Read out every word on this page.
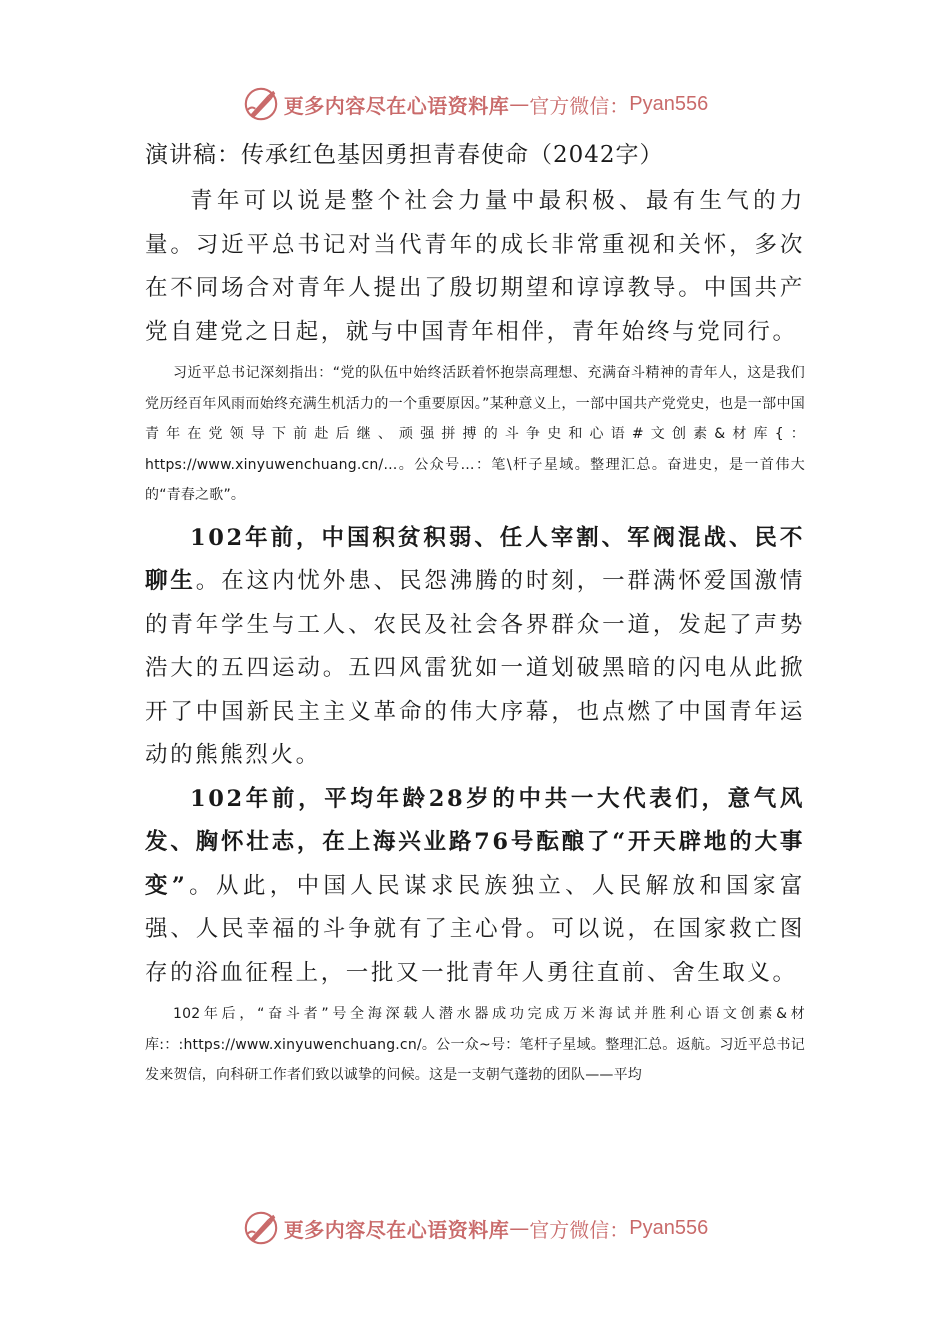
更多内容尽在心语资料库 — 官方微信： Pyan556
演讲稿：传承红色基因勇担青春使命（2042字）

青年可以说是整个社会力量中最积极、最有生气的力量。习近平总书记对当代青年的成长非常重视和关怀，多次在不同场合对青年人提出了殷切期望和谆谆教导。中国共产党自建党之日起，就与中国青年相伴，青年始终与党同行。

习近平总书记深刻指出：“党的队伍中始终活跃着怀抱崇高理想、充满奋斗精神的青年人，这是我们党历经百年风雨而始终充满生机活力的一个重要原因。”某种意义上，一部中国共产党党史，也是一部中国青年在党领导下前赴后继、顽强拼搏的斗争史和心语#文创素&材库{：https://www.xinyuwenchuang.cn/…。公众号…：笔\杆子星域。整理汇总。奋进史，是一首伟大的“青春之歌”。

102年前，中国积贫积弱、任人宰割、军阀混战、民不聊生。在这内忧外患、民怨沸腾的时刻，一群满怀爱国激情的青年学生与工人、农民及社会各界群众一道，发起了声势浩大的五四运动。五四风雷犹如一道划破黑暗的闪电从此掀开了中国新民主主义革命的伟大序幕，也点燃了中国青年运动的熊熊烈火。

102年前，平均年龄28岁的中共一大代表们，意气风发、胸怀壮志，在上海兴业路76号酝酿了“开天辟地的大事变”。从此，中国人民谋求民族独立、人民解放和国家富强、人民幸福的斗争就有了主心骨。可以说，在国家救亡图存的浴血征程上，一批又一批青年人勇往直前、舍生取义。

102年后，“奋斗者”号全海深载人潜水器成功完成万米海试并胜利心语文创素&材库:：:https://www.xinyuwenchuang.cn/。公一众~号：笔杆子星域。整理汇总。返航。习近平总书记发来贺信，向科研工作者们致以诚挚的问候。这是一支朝气蓬勃的团队——平均

更多内容尽在心语资料库 — 官方微信： Pyan556
